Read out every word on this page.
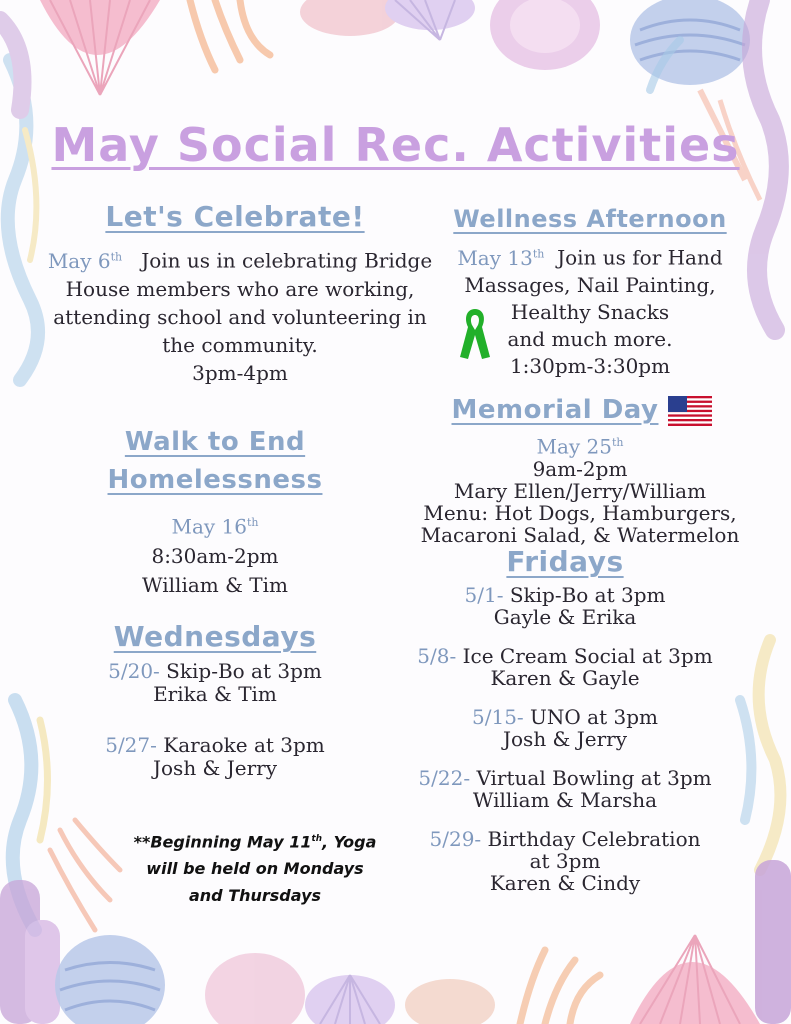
May Social Rec. Activities
Let's Celebrate!
May 6th Join us in celebrating Bridge
House members who are working,
attending school and volunteering in
the community.
3pm-4pm
Wellness Afternoon
May 13th Join us for Hand
Massages, Nail Painting,
Healthy Snacks
and much more.
1:30pm-3:30pm
Walk to End
Homelessness
May 16th
8:30am-2pm
William & Tim
Memorial Day
May 25th
9am-2pm
Mary Ellen/Jerry/William
Menu: Hot Dogs, Hamburgers,
Macaroni Salad, & Watermelon
Wednesdays
5/20- Skip-Bo at 3pm
Erika & Tim
5/27- Karaoke at 3pm
Josh & Jerry
Fridays
5/1- Skip-Bo at 3pm
Gayle & Erika
5/8- Ice Cream Social at 3pm
Karen & Gayle
5/15- UNO at 3pm
Josh & Jerry
5/22- Virtual Bowling at 3pm
William & Marsha
5/29- Birthday Celebration
at 3pm
Karen & Cindy
**Beginning May 11th, Yoga
will be held on Mondays
and Thursdays
